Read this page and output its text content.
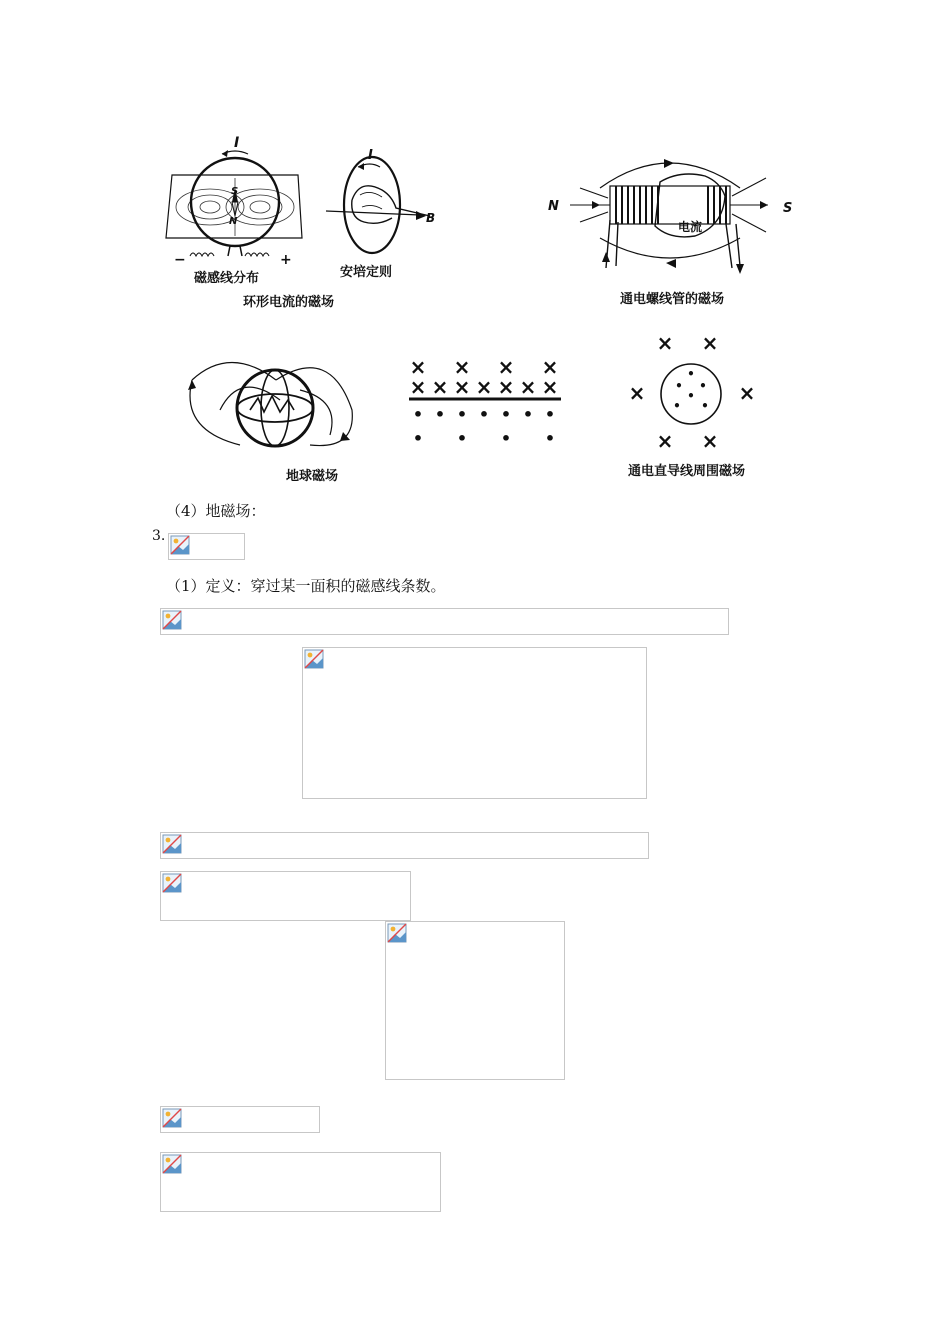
I
S
N
−	+
磁感线分布
环形电流的磁场
I
B
安培定则
N	S
电流
通电螺线管的磁场
地球磁场
× × × ×
× × × × × × ×
• • • • • • •
• • • •
× ×
×	×
× ×
•
• •
•
• •
通电直导线周围磁场
（4）地磁场：
3.
（1）定义：穿过某一面积的磁感线条数。
